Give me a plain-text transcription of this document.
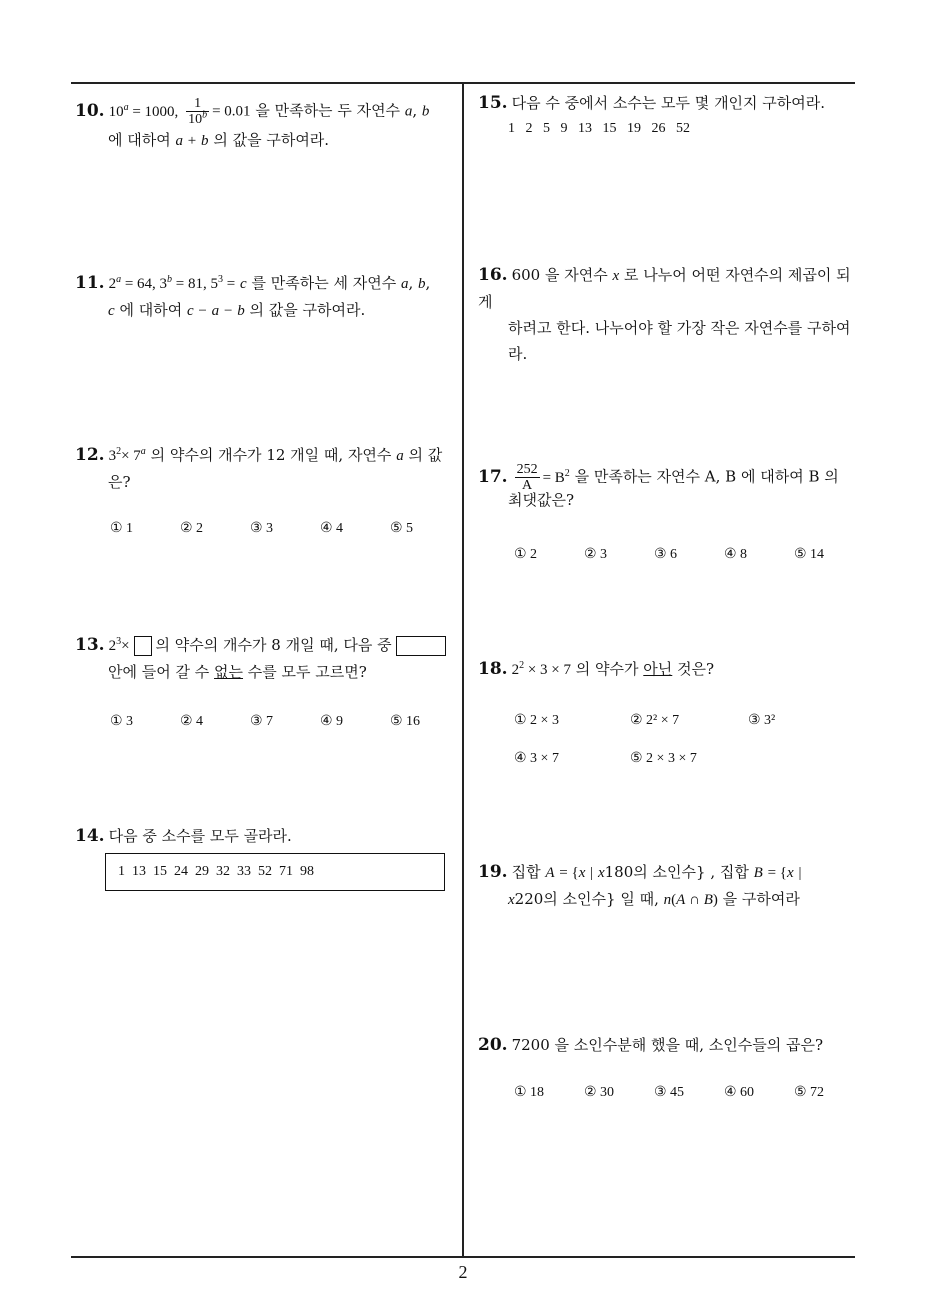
10. $10^a = 1000$, $\frac{1}{10^b} = 0.01$ 을 만족하는 두 자연수 a, b
에 대하여 a + b 의 값을 구하여라.
11. $2^a = 64$, $3^b = 81$, $5^3 = c$ 를 만족하는 세 자연수 a, b,
c 에 대하여 c − a − b 의 값을 구하여라.
12. $3^2\times 7^a$ 의 약수의 개수가 12 개일 때, 자연수 a 의 값
은?
① 1	② 2	③ 3	④ 4	⑤ 5
13. $2^3\times$ 의 약수의 개수가 8 개일 때, 다음 중
안에 들어 갈 수 없는 수를 모두 고르면?
① 3	② 4	③ 7	④ 9	⑤ 16
14. 다음 중 소수를 모두 골라라.
1  13  15  24  29  32  33  52  71  98
15. 다음 수 중에서 소수는 모두 몇 개인지 구하여라.
1   2   5   9   13   15   19   26   52
16. 600 을 자연수 x 로 나누어 어떤 자연수의 제곱이 되게
하려고 한다. 나누어야 할 가장 작은 자연수를 구하여
라.
17. $\frac{252}{A} = B^2$ 을 만족하는 자연수 A, B 에 대하여 B 의
최댓값은?
① 2	② 3	③ 6	④ 8	⑤ 14
18. $2^2 \times 3 \times 7$ 의 약수가 아닌 것은?
① 2 × 3	② 2² × 7	③ 3²
④ 3 × 7	⑤ 2 × 3 × 7
19. 집합 A = {x | x180의 소인수} , 집합 B = {x |
x220의 소인수} 일 때, n(A ∩ B) 을 구하여라
20. 7200 을 소인수분해 했을 때, 소인수들의 곱은?
① 18	② 30	③ 45	④ 60	⑤ 72
2
